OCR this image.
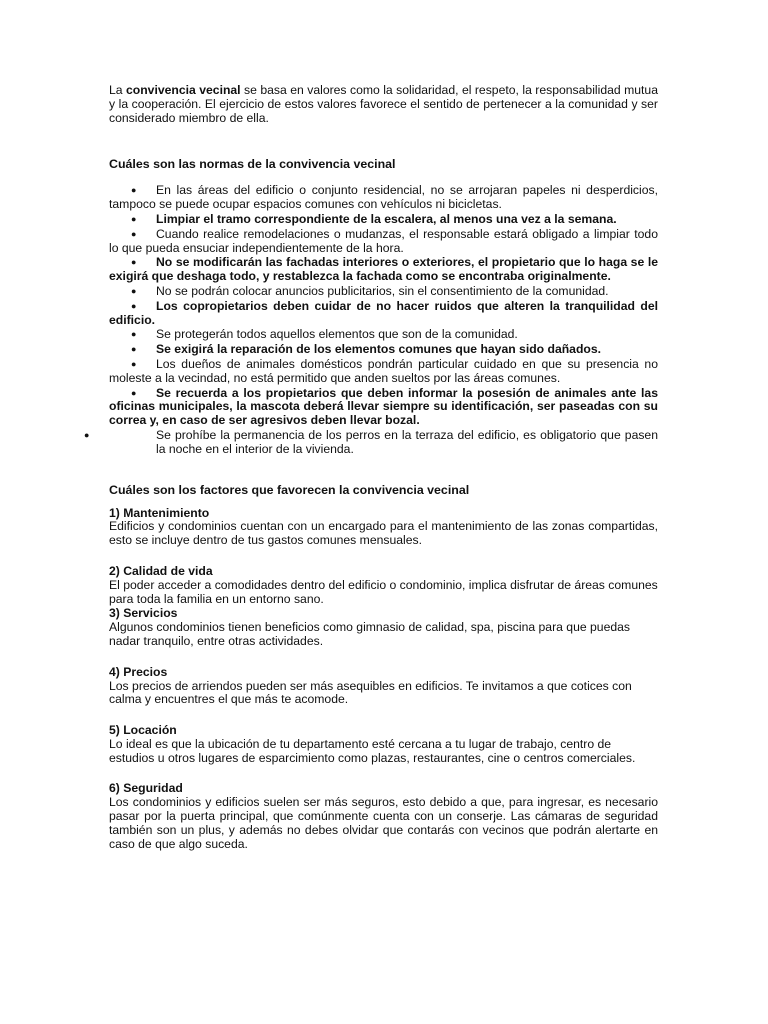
La convivencia vecinal se basa en valores como la solidaridad, el respeto, la responsabilidad mutua y la cooperación. El ejercicio de estos valores favorece el sentido de pertenecer a la comunidad y ser considerado miembro de ella.

Cuáles son las normas de la convivencia vecinal
● En las áreas del edificio o conjunto residencial, no se arrojaran papeles ni desperdicios, tampoco se puede ocupar espacios comunes con vehículos ni bicicletas.
● Limpiar el tramo correspondiente de la escalera, al menos una vez a la semana.
● Cuando realice remodelaciones o mudanzas, el responsable estará obligado a limpiar todo lo que pueda ensuciar independientemente de la hora.
● No se modificarán las fachadas interiores o exteriores, el propietario que lo haga se le exigirá que deshaga todo, y restablezca la fachada como se encontraba originalmente.
● No se podrán colocar anuncios publicitarios, sin el consentimiento de la comunidad.
● Los copropietarios deben cuidar de no hacer ruidos que alteren la tranquilidad del edificio.
● Se protegerán todos aquellos elementos que son de la comunidad.
● Se exigirá la reparación de los elementos comunes que hayan sido dañados.
● Los dueños de animales domésticos pondrán particular cuidado en que su presencia no moleste a la vecindad, no está permitido que anden sueltos por las áreas comunes.
● Se recuerda a los propietarios que deben informar la posesión de animales ante las oficinas municipales, la mascota deberá llevar siempre su identificación, ser paseadas con su correa y, en caso de ser agresivos deben llevar bozal.
●	Se prohíbe la permanencia de los perros en la terraza del edificio, es obligatorio que pasen la noche en el interior de la vivienda.
Cuáles son los factores que favorecen la convivencia vecinal
1) Mantenimiento

Edificios y condominios cuentan con un encargado para el mantenimiento de las zonas compartidas, esto se incluye dentro de tus gastos comunes mensuales.

2) Calidad de vida

El poder acceder a comodidades dentro del edificio o condominio, implica disfrutar de áreas comunes para toda la familia en un entorno sano.

3) Servicios

Algunos condominios tienen beneficios como gimnasio de calidad, spa, piscina para que puedas nadar tranquilo, entre otras actividades.

4) Precios

Los precios de arriendos pueden ser más asequibles en edificios. Te invitamos a que cotices con calma y encuentres el que más te acomode.

5) Locación

Lo ideal es que la ubicación de tu departamento esté cercana a tu lugar de trabajo, centro de estudios u otros lugares de esparcimiento como plazas, restaurantes, cine o centros comerciales.

6) Seguridad

Los condominios y edificios suelen ser más seguros, esto debido a que, para ingresar, es necesario pasar por la puerta principal, que comúnmente cuenta con un conserje. Las cámaras de seguridad también son un plus, y además no debes olvidar que contarás con vecinos que podrán alertarte en caso de que algo suceda.
